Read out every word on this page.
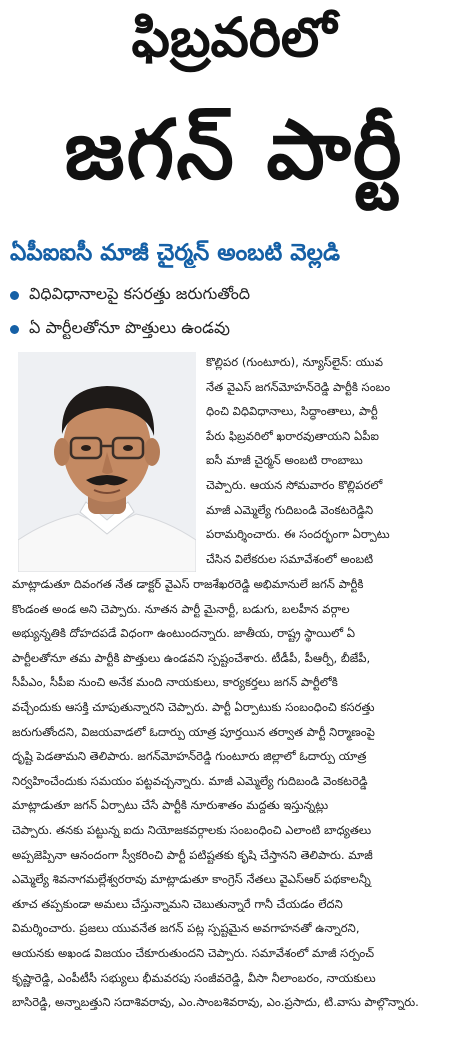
ఫిబ్రవరిలో
జగన్ పార్టీ
ఏపీఐఐసీ మాజీ చైర్మన్ అంబటి వెల్లడి
విధివిధానాలపై కసరత్తు జరుగుతోంది
ఏ పార్టీలతోనూ పొత్తులు ఉండవు
కొల్లిపర (గుంటూరు), న్యూస్‌లైన్: యువ
నేత వైఎస్ జగన్‌మోహన్‌రెడ్డి పార్టీకి సంబం
ధించి విధివిధానాలు, సిద్ధాంతాలు, పార్టీ
పేరు ఫిబ్రవరిలో ఖరారవుతాయని ఏపీఐ
ఐసీ మాజీ చైర్మన్ అంబటి రాంబాబు
చెప్పారు. ఆయన సోమవారం కొల్లిపరలో
మాజీ ఎమ్మెల్యే గుదిబండి వెంకటరెడ్డిని
పరామర్శించారు. ఈ సందర్భంగా ఏర్పాటు
చేసిన విలేకరుల సమావేశంలో అంబటి
మాట్లాడుతూ దివంగత నేత డాక్టర్ వైఎస్ రాజశేఖరరెడ్డి అభిమానులే జగన్ పార్టీకి
కొండంత అండ అని చెప్పారు. నూతన పార్టీ మైనార్టీ, బడుగు, బలహీన వర్గాల
అభ్యున్నతికి దోహదపడే విధంగా ఉంటుందన్నారు. జాతీయ, రాష్ట్ర స్థాయిలో ఏ
పార్టీలతోనూ తమ పార్టీకి పొత్తులు ఉండవని స్పష్టంచేశారు. టీడీపీ, పీఆర్పీ, బీజేపీ,
సీపీఎం, సీపీఐ నుంచి అనేక మంది నాయకులు, కార్యకర్తలు జగన్ పార్టీలోకి
వచ్చేందుకు ఆసక్తి చూపుతున్నారని చెప్పారు. పార్టీ ఏర్పాటుకు సంబంధించి కసరత్తు
జరుగుతోందని, విజయవాడలో ఓదార్పు యాత్ర పూర్తయిన తర్వాత పార్టీ నిర్మాణంపై
దృష్టి పెడతామని తెలిపారు. జగన్‌మోహన్‌రెడ్డి గుంటూరు జిల్లాలో ఓదార్పు యాత్ర
నిర్వహించేందుకు సమయం పట్టవచ్చన్నారు. మాజీ ఎమ్మెల్యే గుదిబండి వెంకటరెడ్డి
మాట్లాడుతూ జగన్ ఏర్పాటు చేసే పార్టీకి నూరుశాతం మద్దతు ఇస్తున్నట్లు
చెప్పారు. తనకు పట్టున్న ఐదు నియోజకవర్గాలకు సంబంధించి ఎలాంటి బాధ్యతలు
అప్పజెప్పినా ఆనందంగా స్వీకరించి పార్టీ పటిష్టతకు కృషి చేస్తానని తెలిపారు. మాజీ
ఎమ్మెల్యే శివనాగమల్లేశ్వరరావు మాట్లాడుతూ కాంగ్రెస్ నేతలు వైఎస్ఆర్ పథకాలన్నీ
తూచ తప్పకుండా అమలు చేస్తున్నామని చెబుతున్నారే గానీ చేయడం లేదని
విమర్శించారు. ప్రజలు యువనేత జగన్ పట్ల స్పష్టమైన అవగాహనతో ఉన్నారని,
ఆయనకు అఖండ విజయం చేకూరుతుందని చెప్పారు. సమావేశంలో మాజీ సర్పంచ్
కృష్ణారెడ్డి, ఎంపీటీసీ సభ్యులు భీమవరపు సంజీవరెడ్డి, వీసా నీలాంబరం, నాయకులు
బాసిరెడ్డి, అన్నాబత్తుని సదాశివరావు, ఎం.సాంబశివరావు, ఎం.ప్రసాదు, టి.వాసు పాల్గొన్నారు.
